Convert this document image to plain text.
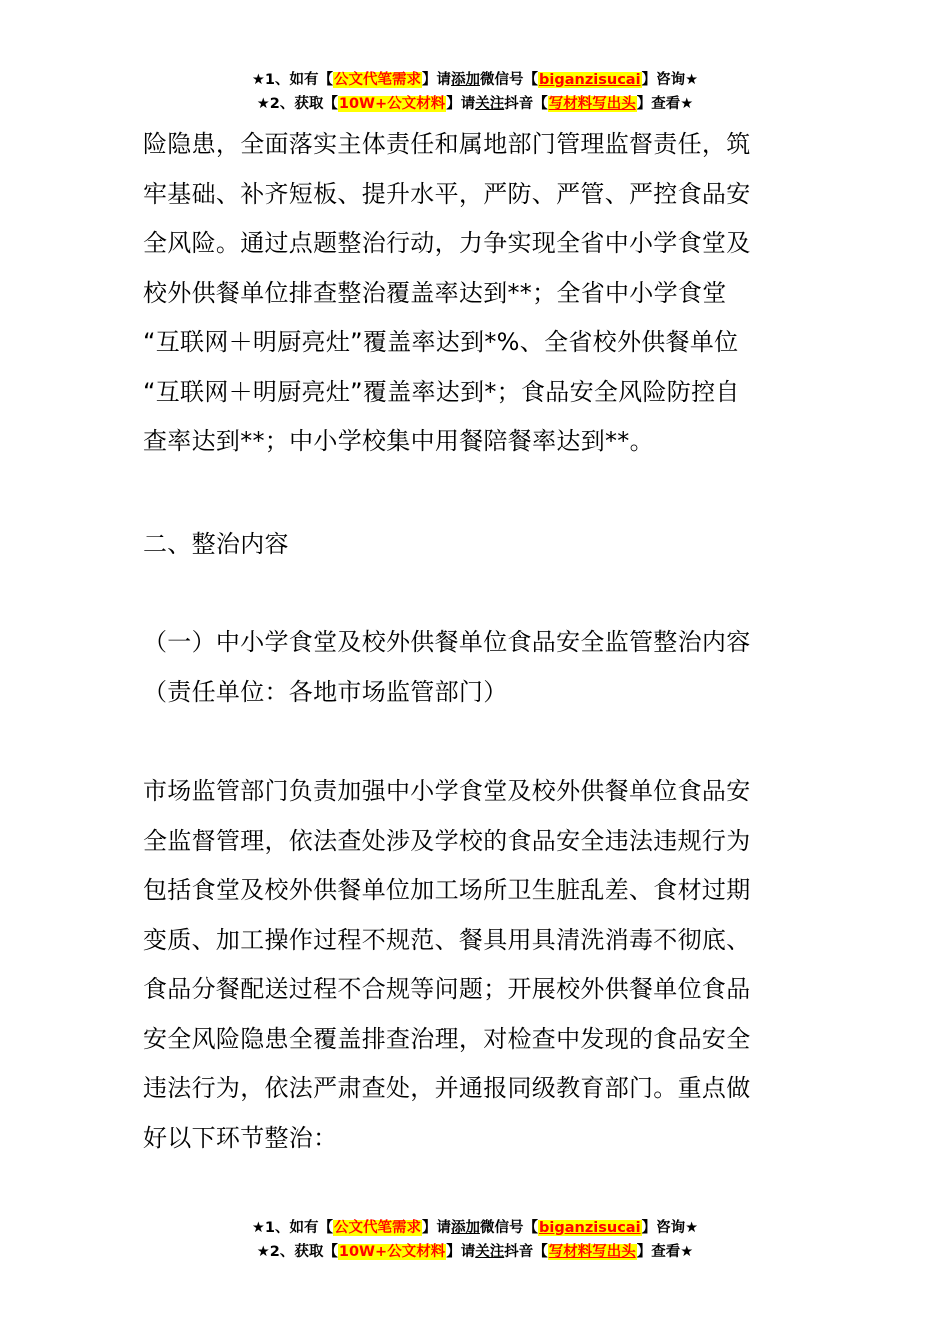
★1、如有【公文代笔需求】请添加微信号【biganzisucai】咨询★
★2、获取【10W+公文材料】请关注抖音【写材料写出头】查看★

险隐患，全面落实主体责任和属地部门管理监督责任，筑
牢基础、补齐短板、提升水平，严防、严管、严控食品安
全风险。通过点题整治行动，力争实现全省中小学食堂及
校外供餐单位排查整治覆盖率达到**；全省中小学食堂
“互联网＋明厨亮灶”覆盖率达到*%、全省校外供餐单位
“互联网＋明厨亮灶”覆盖率达到*；食品安全风险防控自
查率达到**；中小学校集中用餐陪餐率达到**。

二、整治内容

（一）中小学食堂及校外供餐单位食品安全监管整治内容
（责任单位：各地市场监管部门）

市场监管部门负责加强中小学食堂及校外供餐单位食品安
全监督管理，依法查处涉及学校的食品安全违法违规行为
包括食堂及校外供餐单位加工场所卫生脏乱差、食材过期
变质、加工操作过程不规范、餐具用具清洗消毒不彻底、
食品分餐配送过程不合规等问题；开展校外供餐单位食品
安全风险隐患全覆盖排查治理，对检查中发现的食品安全
违法行为，依法严肃查处，并通报同级教育部门。重点做
好以下环节整治：

★1、如有【公文代笔需求】请添加微信号【biganzisucai】咨询★
★2、获取【10W+公文材料】请关注抖音【写材料写出头】查看★
